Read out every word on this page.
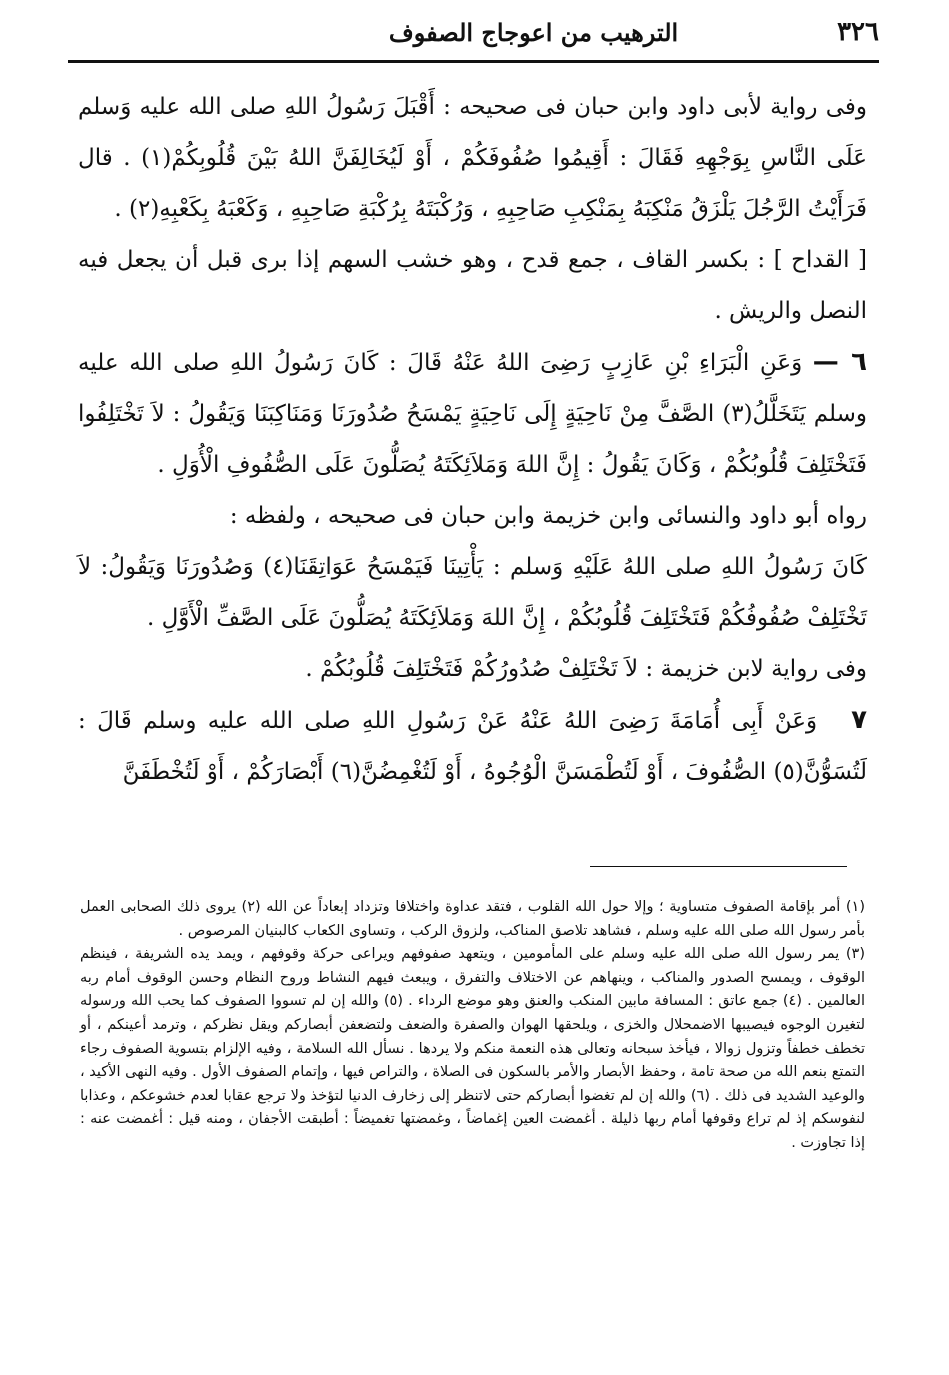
٣٢٦
الترهيب من اعوجاج الصفوف

وفى رواية لأبى داود وابن حبان فى صحيحه : أَقْبَلَ رَسُولُ اللهِ صلى الله عليه وَسلم عَلَى النَّاسِ بِوَجْهِهِ فَقَالَ : أَقِيمُوا صُفُوفَكُمْ ، أَوْ لَيُخَالِفَنَّ اللهُ بَيْنَ قُلُوبِكُمْ(١) . قال فَرَأَيْتُ الرَّجُلَ يَلْزَقُ مَنْكِبَهُ بِمَنْكِبِ صَاحِبِهِ ، وَرُكْبَتَهُ بِرُكْبَةِ صَاحِبِهِ ، وَكَعْبَهُ بِكَعْبِهِ(٢) .

[ القداح ] : بكسر القاف ، جمع قدح ، وهو خشب السهم إذا برى قبل أن يجعل فيه النصل والريش .

٦ — وَعَنِ الْبَرَاءِ بْنِ عَازِبٍ رَضِىَ اللهُ عَنْهُ قَالَ : كَانَ رَسُولُ اللهِ صلى الله عليه وسلم يَتَخَلَّلُ(٣) الصَّفَّ مِنْ نَاحِيَةٍ إِلَى نَاحِيَةٍ يَمْسَحُ صُدُورَنَا وَمَنَاكِبَنَا وَيَقُولُ : لاَ تَخْتَلِفُوا فَتَخْتَلِفَ قُلُوبُكُمْ ، وَكَانَ يَقُولُ : إِنَّ اللهَ وَمَلاَئِكَتَهُ يُصَلُّونَ عَلَى الصُّفُوفِ الْأُوَلِ .

رواه أبو داود والنسائى وابن خزيمة وابن حبان فى صحيحه ، ولفظه :

كَانَ رَسُولُ اللهِ صلى اللهُ عَلَيْهِ وَسلم : يَأْتِينَا فَيَمْسَحُ عَوَاتِقَنَا(٤) وَصُدُورَنَا وَيَقُولُ: لاَ تَخْتَلِفْ صُفُوفُكُمْ فَتَخْتَلِفَ قُلُوبُكُمْ ، إِنَّ اللهَ وَمَلاَئِكَتَهُ يُصَلُّونَ عَلَى الصَّفِّ الْأَوَّلِ .

وفى رواية لابن خزيمة : لاَ تَخْتَلِفْ صُدُورُكُمْ فَتَخْتَلِفَ قُلُوبُكُمْ .

٧   وَعَنْ أَبِى أُمَامَةَ رَضِىَ اللهُ عَنْهُ عَنْ رَسُولِ اللهِ صلى الله عليه وسلم قَالَ : لَتُسَوُّنَّ(٥) الصُّفُوفَ ، أَوْ لَتُطْمَسَنَّ الْوُجُوهُ ، أَوْ لَتُغْمِضُنَّ(٦) أَبْصَارَكُمْ ، أَوْ لَتُخْطَفَنَّ

(١) أمر بإقامة الصفوف متساوية ؛ وإلا حول الله القلوب ، فتقد عداوة واختلافا وتزداد إبعاداً عن الله (٢) يروى ذلك الصحابى العمل بأمر رسول الله صلى الله عليه وسلم ، فشاهد تلاصق المناكب، ولزوق الركب ، وتساوى الكعاب كالبنيان المرصوص .

(٣) يمر رسول الله صلى الله عليه وسلم على المأمومين ، ويتعهد صفوفهم ويراعى حركة وقوفهم ، ويمد يده الشريفة ، فينظم الوقوف ، ويمسح الصدور والمناكب ، وينهاهم عن الاختلاف والتفرق ، ويبعث فيهم النشاط وروح النظام وحسن الوقوف أمام ربه العالمين . (٤) جمع عاتق : المسافة مابين المنكب والعنق وهو موضع الرداء . (٥) والله إن لم تسووا الصفوف كما يحب الله ورسوله لتغيرن الوجوه فيصيبها الاضمحلال والخزى ، ويلحقها الهوان والصفرة والضعف ولتضعفن أبصاركم ويقل نظركم ، وترمد أعينكم ، أو تخطف خطفاً وتزول زوالا ، فيأخذ سبحانه وتعالى هذه النعمة منكم ولا يردها . نسأل الله السلامة ، وفيه الإلزام بتسوية الصفوف رجاء التمتع بنعم الله من صحة تامة ، وحفظ الأبصار والأمر بالسكون فى الصلاة ، والتراص فيها ، وإتمام الصفوف الأول . وفيه النهى الأكيد ، والوعيد الشديد فى ذلك . (٦) والله إن لم تغضوا أبصاركم حتى لاتنظر إلى زخارف الدنيا لتؤخذ ولا ترجع عقابا لعدم خشوعكم ، وعذابا لنفوسكم إذ لم تراع وقوفها أمام ربها ذليلة . أغمضت العين إغماضاً ، وغمضتها تغميضاً : أطبقت الأجفان ، ومنه قيل : أغمضت عنه : إذا تجاوزت .
